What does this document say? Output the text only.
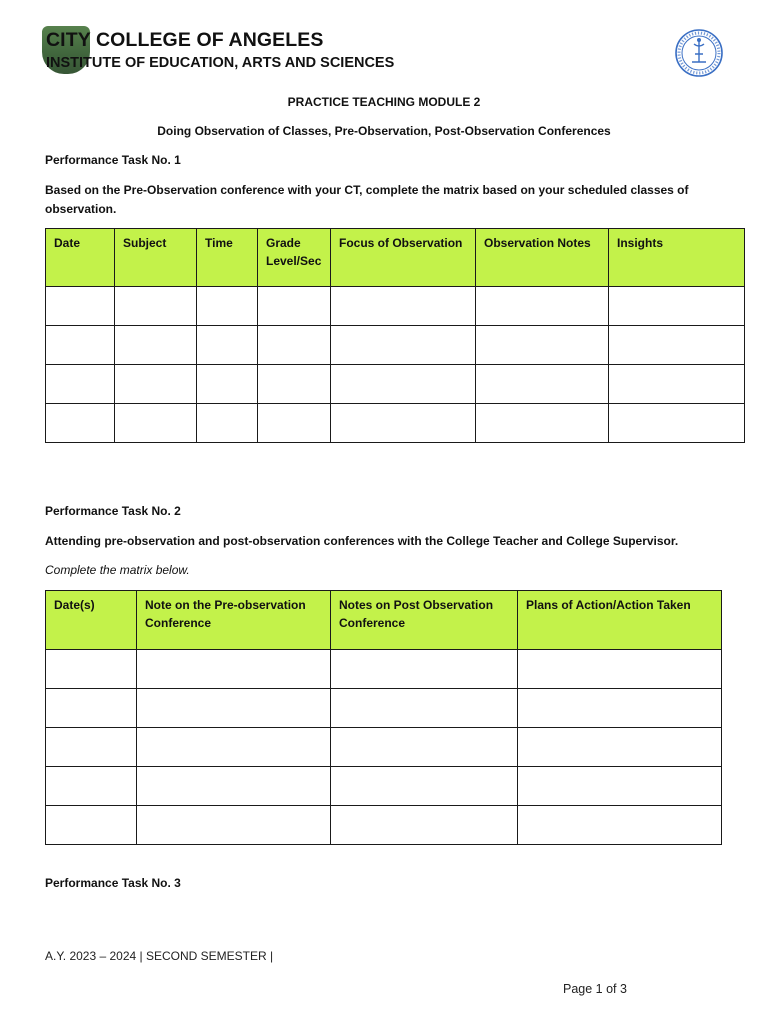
CITY COLLEGE OF ANGELES
INSTITUTE OF EDUCATION, ARTS AND SCIENCES
PRACTICE TEACHING MODULE 2
Doing Observation of Classes, Pre-Observation, Post-Observation Conferences
Performance Task No. 1
Based on the Pre-Observation conference with your CT, complete the matrix based on your scheduled classes of observation.
Date	Subject	Time	Grade Level/Sec	Focus of Observation	Observation Notes	Insights

Performance Task No. 2
Attending pre-observation and post-observation conferences with the College Teacher and College Supervisor.
Complete the matrix below.
Date(s)	Note on the Pre-observation Conference	Notes on Post Observation Conference	Plans of Action/Action Taken

Performance Task No. 3
A.Y. 2023 – 2024 | SECOND SEMESTER |
Page 1 of 3
